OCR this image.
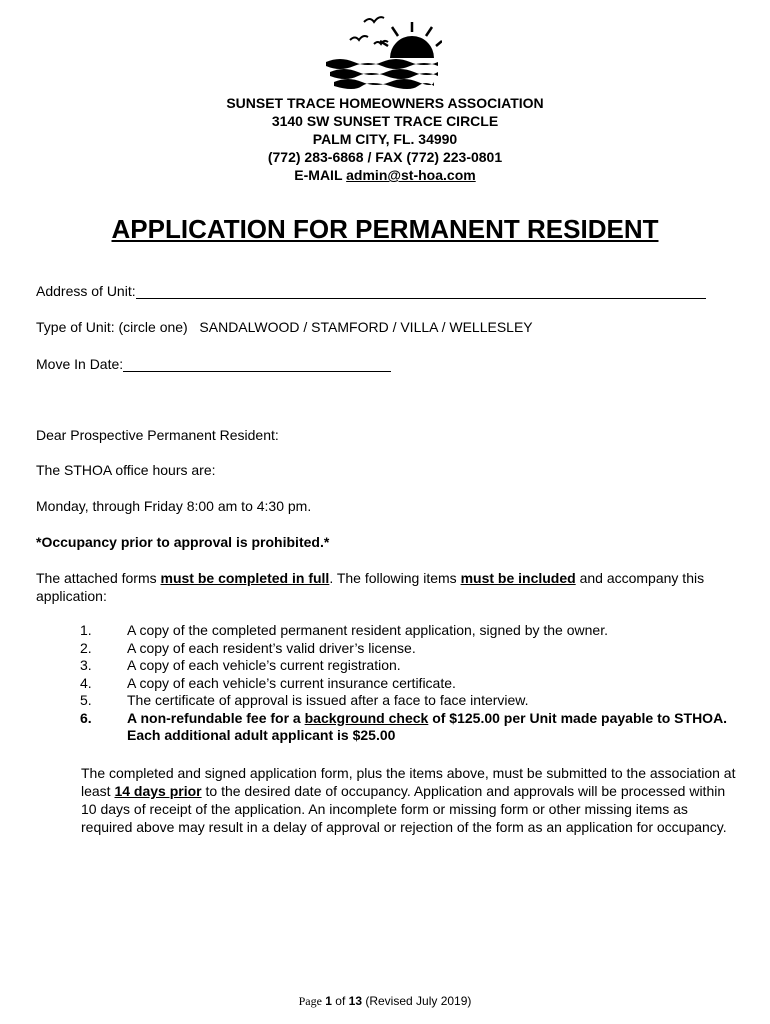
SUNSET TRACE HOMEOWNERS ASSOCIATION
3140 SW SUNSET TRACE CIRCLE
PALM CITY, FL. 34990
(772) 283-6868 / FAX (772) 223-0801
E-MAIL admin@st-hoa.com
APPLICATION FOR PERMANENT RESIDENT
Address of Unit:
Type of Unit: (circle one) SANDALWOOD / STAMFORD / VILLA / WELLESLEY
Move In Date:
Dear Prospective Permanent Resident:
The STHOA office hours are:
Monday, through Friday 8:00 am to 4:30 pm.
*Occupancy prior to approval is prohibited.*
The attached forms must be completed in full. The following items must be included and accompany this application:
1.	A copy of the completed permanent resident application, signed by the owner.
2.	A copy of each resident’s valid driver’s license.
3.	A copy of each vehicle’s current registration.
4.	A copy of each vehicle’s current insurance certificate.
5.	The certificate of approval is issued after a face to face interview.
6.	A non-refundable fee for a background check of $125.00 per Unit made payable to STHOA. Each additional adult applicant is $25.00
The completed and signed application form, plus the items above, must be submitted to the association at least 14 days prior to the desired date of occupancy. Application and approvals will be processed within 10 days of receipt of the application. An incomplete form or missing form or other missing items as required above may result in a delay of approval or rejection of the form as an application for occupancy.
Page 1 of 13 (Revised July 2019)
